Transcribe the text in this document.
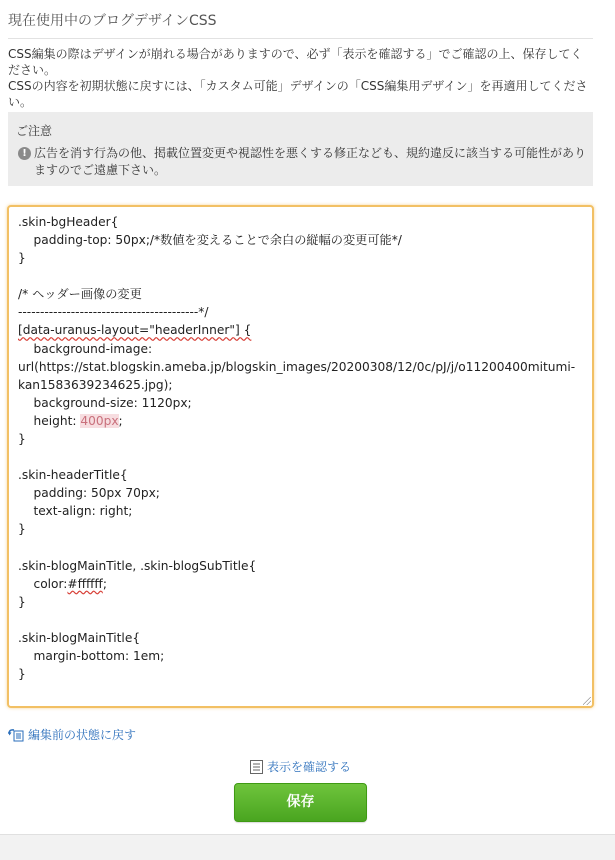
現在使用中のブログデザインCSS
CSS編集の際はデザインが崩れる場合がありますので、必ず「表示を確認する」でご確認の上、保存してください。
CSSの内容を初期状態に戻すには、「カスタム可能」デザインの「CSS編集用デザイン」を再適用してください。
ご注意
! 広告を消す行為の他、掲載位置変更や視認性を悪くする修正なども、規約違反に該当する可能性がありますのでご遠慮下さい。
.skin-bgHeader{
padding-top: 50px;/*数値を変えることで余白の縦幅の変更可能*/
}
/* ヘッダー画像の変更
-----------------------------------------*/
[data-uranus-layout="headerInner"] {
background-image:
url(https://stat.blogskin.ameba.jp/blogskin_images/20200308/12/0c/pJ/j/o11200400mitumi-kan1583639234625.jpg);
background-size: 1120px;
height: 400px;
}
.skin-headerTitle{
padding: 50px 70px;
text-align: right;
}
.skin-blogMainTitle, .skin-blogSubTitle{
color:#ffffff;
}
.skin-blogMainTitle{
margin-bottom: 1em;
}
編集前の状態に戻す
表示を確認する
保存
